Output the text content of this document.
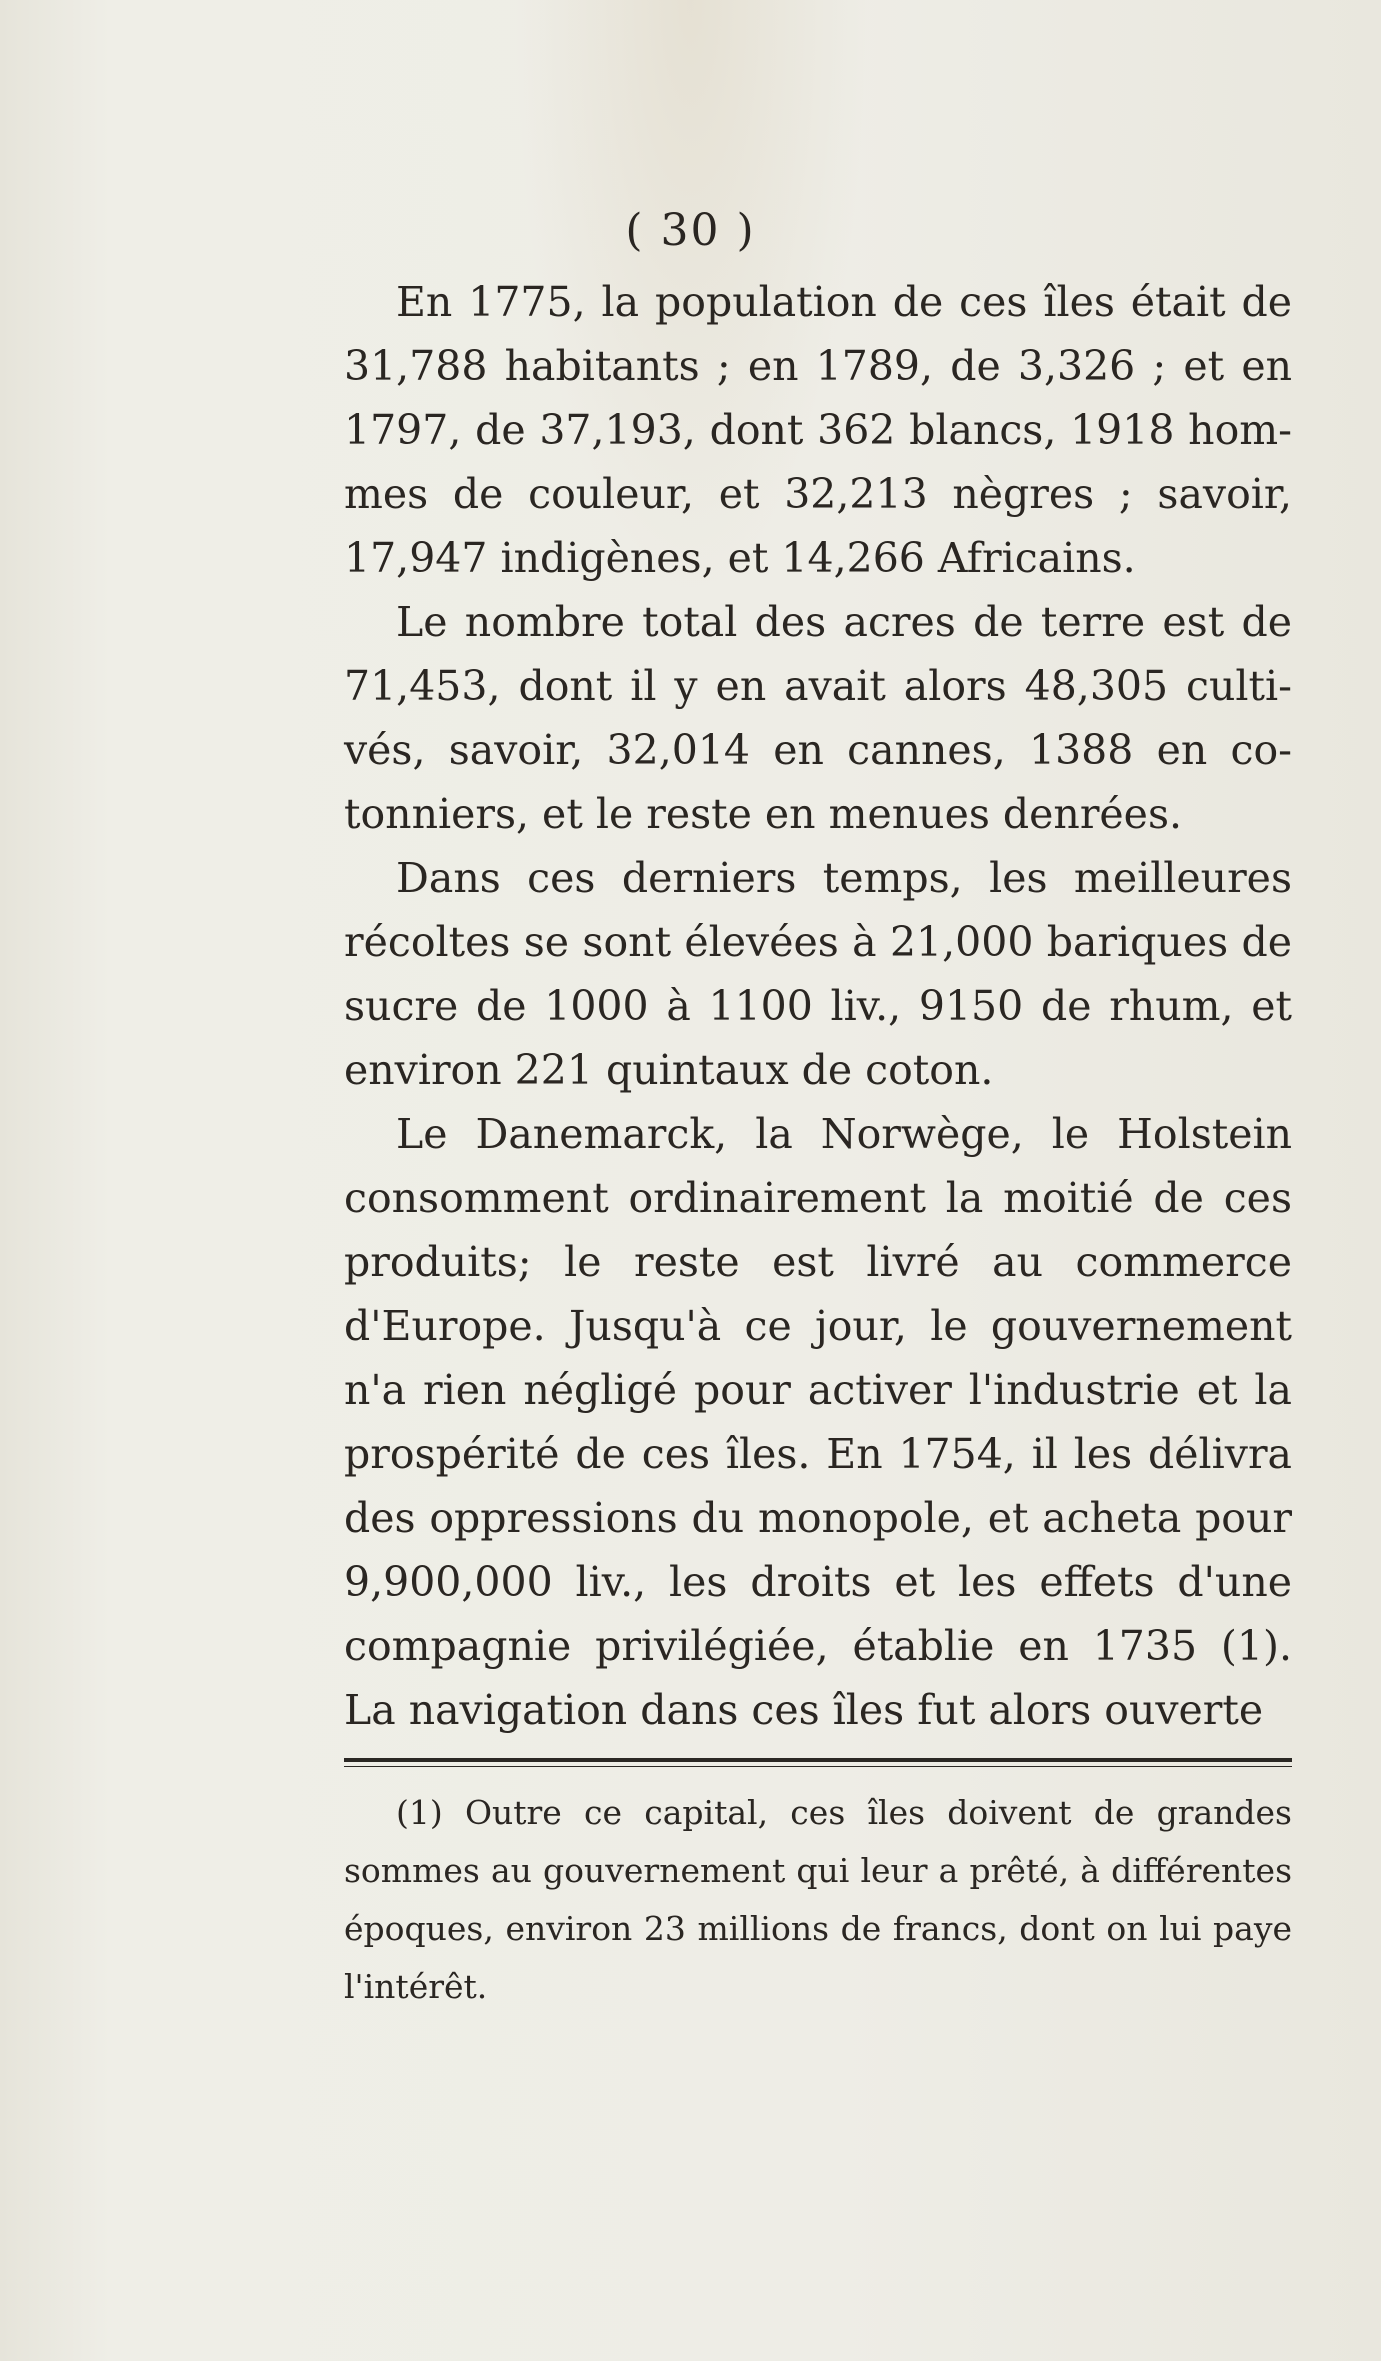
( 30 )

En 1775, la population de ces îles était de 31,788 habitants ; en 1789, de 3,326 ; et en 1797, de 37,193, dont 362 blancs, 1918 hommes de couleur, et 32,213 nègres ; savoir, 17,947 indigènes, et 14,266 Africains.

Le nombre total des acres de terre est de 71,453, dont il y en avait alors 48,305 cultivés, savoir, 32,014 en cannes, 1388 en cotonniers, et le reste en menues denrées.

Dans ces derniers temps, les meilleures récoltes se sont élevées à 21,000 bariques de sucre de 1000 à 1100 liv., 9150 de rhum, et environ 221 quintaux de coton.

Le Danemarck, la Norwège, le Holstein consomment ordinairement la moitié de ces produits; le reste est livré au commerce d'Europe. Jusqu'à ce jour, le gouvernement n'a rien négligé pour activer l'industrie et la prospérité de ces îles. En 1754, il les délivra des oppressions du monopole, et acheta pour 9,900,000 liv., les droits et les effets d'une compagnie privilégiée, établie en 1735 (1). La navigation dans ces îles fut alors ouverte

(1) Outre ce capital, ces îles doivent de grandes sommes au gouvernement qui leur a prêté, à différentes époques, environ 23 millions de francs, dont on lui paye l'intérêt.
